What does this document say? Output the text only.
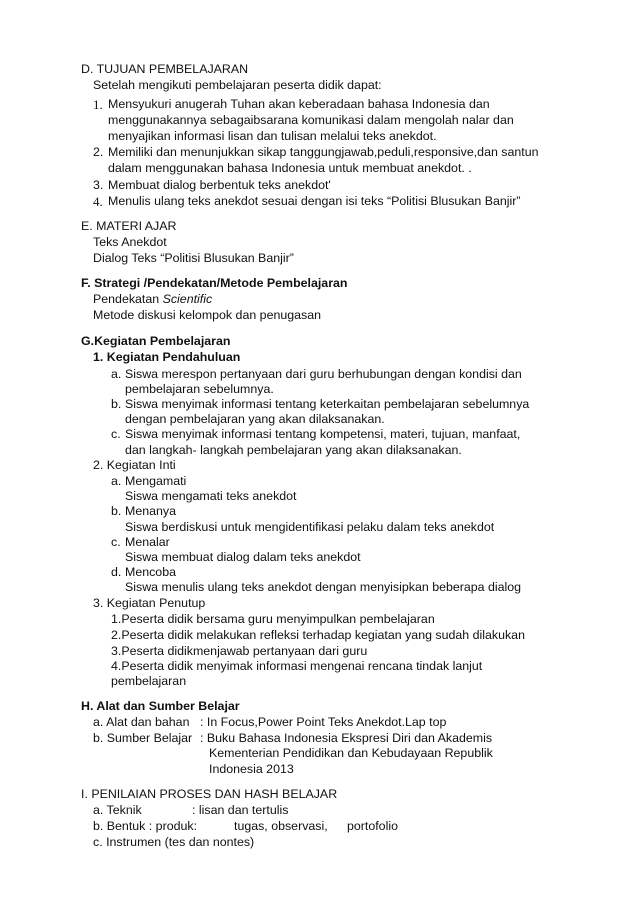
D. TUJUAN PEMBELAJARAN
Setelah mengikuti pembelajaran peserta didik dapat:
1. Mensyukuri anugerah Tuhan akan keberadaan bahasa Indonesia dan
menggunakannya sebagaibsarana komunikasi dalam mengolah nalar dan
menyajikan informasi lisan dan tulisan melalui teks anekdot.
2. Memiliki dan menunjukkan sikap tanggungjawab,peduli,responsive,dan santun
dalam menggunakan bahasa Indonesia untuk membuat anekdot. .
3. Membuat dialog berbentuk teks anekdot'
4. Menulis ulang teks anekdot sesuai dengan isi teks “Politisi Blusukan Banjir”
E. MATERI AJAR
Teks Anekdot
Dialog Teks “Politisi Blusukan Banjir”
F. Strategi /Pendekatan/Metode Pembelajaran
Pendekatan Scientific
Metode diskusi kelompok dan penugasan
G.Kegiatan Pembelajaran
1. Kegiatan Pendahuluan
a. Siswa merespon pertanyaan dari guru berhubungan dengan kondisi dan
pembelajaran sebelumnya.
b. Siswa menyimak informasi tentang keterkaitan pembelajaran sebelumnya
dengan pembelajaran yang akan dilaksanakan.
c. Siswa menyimak informasi tentang kompetensi, materi, tujuan, manfaat,
dan langkah- langkah pembelajaran yang akan dilaksanakan.
2. Kegiatan Inti
a. Mengamati
Siswa mengamati teks anekdot
b. Menanya
Siswa berdiskusi untuk mengidentifikasi pelaku dalam teks anekdot
c. Menalar
Siswa membuat dialog dalam teks anekdot
d. Mencoba
Siswa menulis ulang teks anekdot dengan menyisipkan beberapa dialog
3. Kegiatan Penutup
1.Peserta didik bersama guru menyimpulkan pembelajaran
2.Peserta didik melakukan refleksi terhadap kegiatan yang sudah dilakukan
3.Peserta didikmenjawab pertanyaan dari guru
4.Peserta didik menyimak informasi mengenai rencana tindak lanjut
pembelajaran
H. Alat dan Sumber Belajar
a. Alat dan bahan : In Focus,Power Point Teks Anekdot.Lap top
b. Sumber Belajar : Buku Bahasa Indonesia Ekspresi Diri dan Akademis
Kementerian Pendidikan dan Kebudayaan Republik
Indonesia 2013
I. PENILAIAN PROSES DAN HASH BELAJAR
a. Teknik	: lisan dan tertulis
b. Bentuk : produk:	tugas, observasi, portofolio
c. Instrumen (tes dan nontes)
